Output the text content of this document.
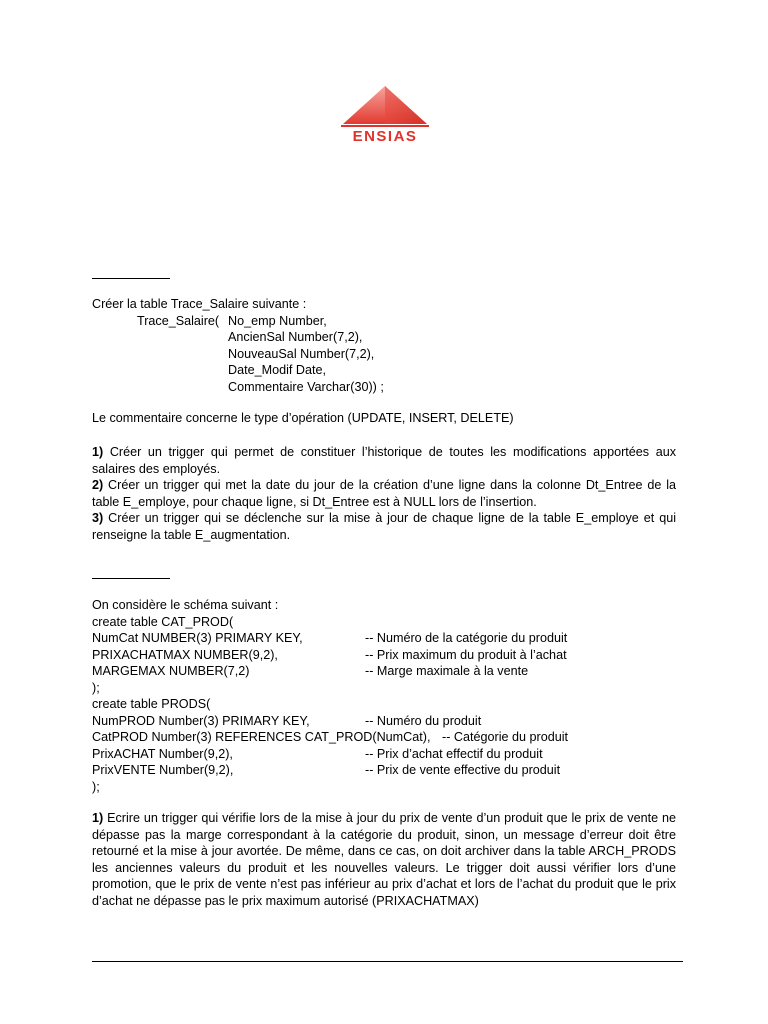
ENSIAS
Créer la table Trace_Salaire suivante :
Trace_Salaire( No_emp Number,
AncienSal Number(7,2),
NouveauSal Number(7,2),
Date_Modif Date,
Commentaire Varchar(30)) ;
Le commentaire concerne le type d’opération (UPDATE, INSERT, DELETE)
1) Créer un trigger qui permet de constituer l’historique de toutes les modifications apportées aux salaires des employés.
2) Créer un trigger qui met la date du jour de la création d’une ligne dans la colonne Dt_Entree de la table E_employe, pour chaque ligne, si Dt_Entree est à NULL lors de l’insertion.
3) Créer un trigger qui se déclenche sur la mise à jour de chaque ligne de la table E_employe et qui renseigne la table E_augmentation.
On considère le schéma suivant :
create table CAT_PROD(
NumCat NUMBER(3) PRIMARY KEY,	-- Numéro de la catégorie du produit
PRIXACHATMAX NUMBER(9,2),	-- Prix maximum du produit à l’achat
MARGEMAX NUMBER(7,2)	-- Marge maximale à la vente
);
create table PRODS(
NumPROD Number(3) PRIMARY KEY,	-- Numéro du produit
CatPROD Number(3) REFERENCES CAT_PROD(NumCat), -- Catégorie du produit
PrixACHAT Number(9,2),	-- Prix d’achat effectif du produit
PrixVENTE Number(9,2),	-- Prix de vente effective du produit
);
1) Ecrire un trigger qui vérifie lors de la mise à jour du prix de vente d’un produit que le prix de vente ne dépasse pas la marge correspondant à la catégorie du produit, sinon, un message d’erreur doit être retourné et la mise à jour avortée. De même, dans ce cas, on doit archiver dans la table ARCH_PRODS les anciennes valeurs du produit et les nouvelles valeurs. Le trigger doit aussi vérifier lors d’une promotion, que le prix de vente n’est pas inférieur au prix d’achat et lors de l’achat du produit que le prix d’achat ne dépasse pas le prix maximum autorisé (PRIXACHATMAX)
